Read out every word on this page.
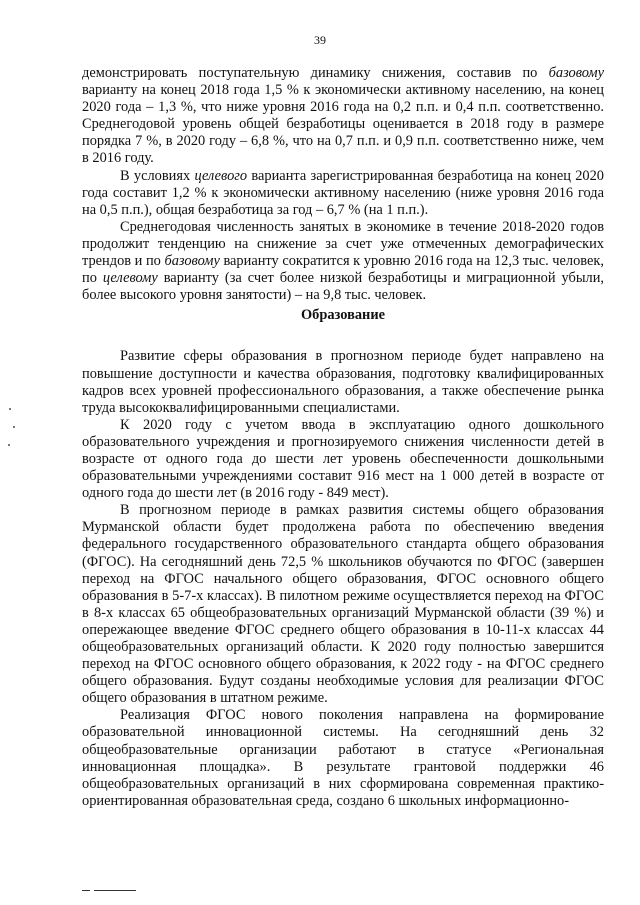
39

демонстрировать поступательную динамику снижения, составив по базовому варианту на конец 2018 года 1,5 % к экономически активному населению, на конец 2020 года – 1,3 %, что ниже уровня 2016 года на 0,2 п.п. и 0,4 п.п. соответственно. Среднегодовой уровень общей безработицы оценивается в 2018 году в размере порядка 7 %, в 2020 году – 6,8 %, что на 0,7 п.п. и 0,9 п.п. соответственно ниже, чем в 2016 году.

В условиях целевого варианта зарегистрированная безработица на конец 2020 года составит 1,2 % к экономически активному населению (ниже уровня 2016 года на 0,5 п.п.), общая безработица за год – 6,7 % (на 1 п.п.).

Среднегодовая численность занятых в экономике в течение 2018-2020 годов продолжит тенденцию на снижение за счет уже отмеченных демографических трендов и по базовому варианту сократится к уровню 2016 года на 12,3 тыс. человек, по целевому варианту (за счет более низкой безработицы и миграционной убыли, более высокого уровня занятости) – на 9,8 тыс. человек.

Образование

Развитие сферы образования в прогнозном периоде будет направлено на повышение доступности и качества образования, подготовку квалифицированных кадров всех уровней профессионального образования, а также обеспечение рынка труда высококвалифицированными специалистами.

К 2020 году с учетом ввода в эксплуатацию одного дошкольного образовательного учреждения и прогнозируемого снижения численности детей в возрасте от одного года до шести лет уровень обеспеченности дошкольными образовательными учреждениями составит 916 мест на 1 000 детей в возрасте от одного года до шести лет (в 2016 году - 849 мест).

В прогнозном периоде в рамках развития системы общего образования Мурманской области будет продолжена работа по обеспечению введения федерального государственного образовательного стандарта общего образования (ФГОС). На сегодняшний день 72,5 % школьников обучаются по ФГОС (завершен переход на ФГОС начального общего образования, ФГОС основного общего образования в 5-7-х классах). В пилотном режиме осуществляется переход на ФГОС в 8-х классах 65 общеобразовательных организаций Мурманской области (39 %) и опережающее введение ФГОС среднего общего образования в 10-11-х классах 44 общеобразовательных организаций области. К 2020 году полностью завершится переход на ФГОС основного общего образования, к 2022 году - на ФГОС среднего общего образования. Будут созданы необходимые условия для реализации ФГОС общего образования в штатном режиме.

Реализация ФГОС нового поколения направлена на формирование образовательной инновационной системы. На сегодняшний день 32 общеобразовательные организации работают в статусе «Региональная инновационная площадка». В результате грантовой поддержки 46 общеобразовательных организаций в них сформирована современная практико-ориентированная образовательная среда, создано 6 школьных информационно-
